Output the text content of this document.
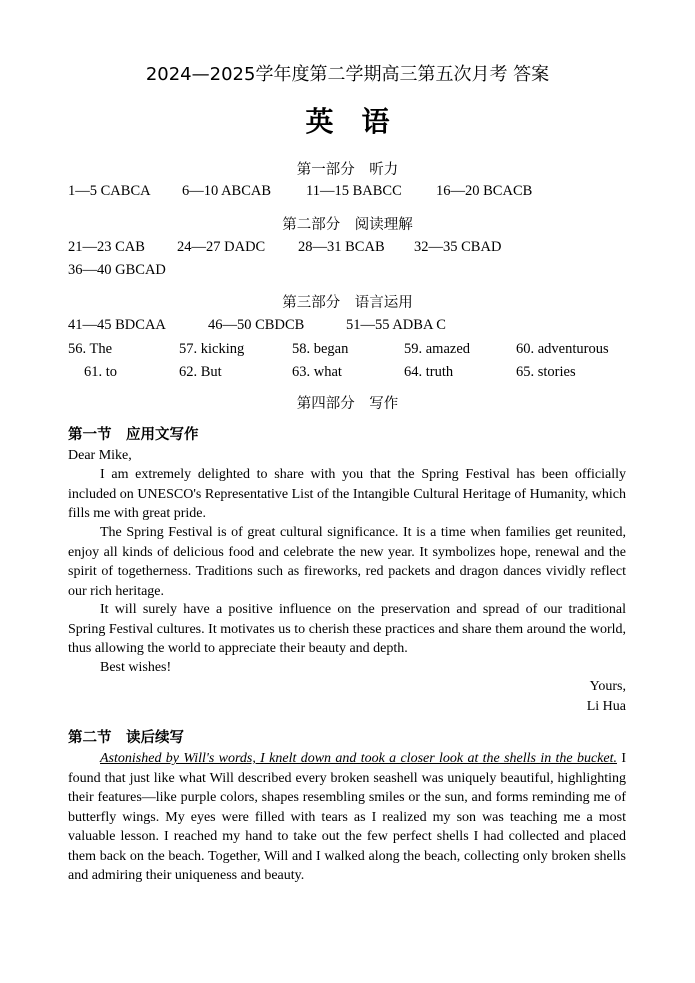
2024—2025学年度第二学期高三第五次月考 答案
英语
第一部分　听力
1—5 CABCA 6—10 ABCAB 11—15 BABCC 16—20 BCACB
第二部分　阅读理解
21—23 CAB 24—27 DADC 28—31 BCAB 32—35 CBAD
36—40 GBCAD
第三部分　语言运用
41—45 BDCAA	46—50 CBDCB	51—55 ADBA C
56. The	57. kicking	58. began	59. amazed	60. adventurous
61. to	62. But	63. what	64. truth	65. stories
第四部分　写作
第一节　应用文写作
Dear Mike,
I am extremely delighted to share with you that the Spring Festival has been officially included on UNESCO's Representative List of the Intangible Cultural Heritage of Humanity, which fills me with great pride.
The Spring Festival is of great cultural significance. It is a time when families get reunited, enjoy all kinds of delicious food and celebrate the new year. It symbolizes hope, renewal and the spirit of togetherness. Traditions such as fireworks, red packets and dragon dances vividly reflect our rich heritage.
It will surely have a positive influence on the preservation and spread of our traditional Spring Festival cultures. It motivates us to cherish these practices and share them around the world, thus allowing the world to appreciate their beauty and depth.
Best wishes!
Yours,
Li Hua
第二节　读后续写
Astonished by Will's words, I knelt down and took a closer look at the shells in the bucket. I found that just like what Will described every broken seashell was uniquely beautiful, highlighting their features—like purple colors, shapes resembling smiles or the sun, and forms reminding me of butterfly wings. My eyes were filled with tears as I realized my son was teaching me a most valuable lesson. I reached my hand to take out the few perfect shells I had collected and placed them back on the beach. Together, Will and I walked along the beach, collecting only broken shells and admiring their uniqueness and beauty.
